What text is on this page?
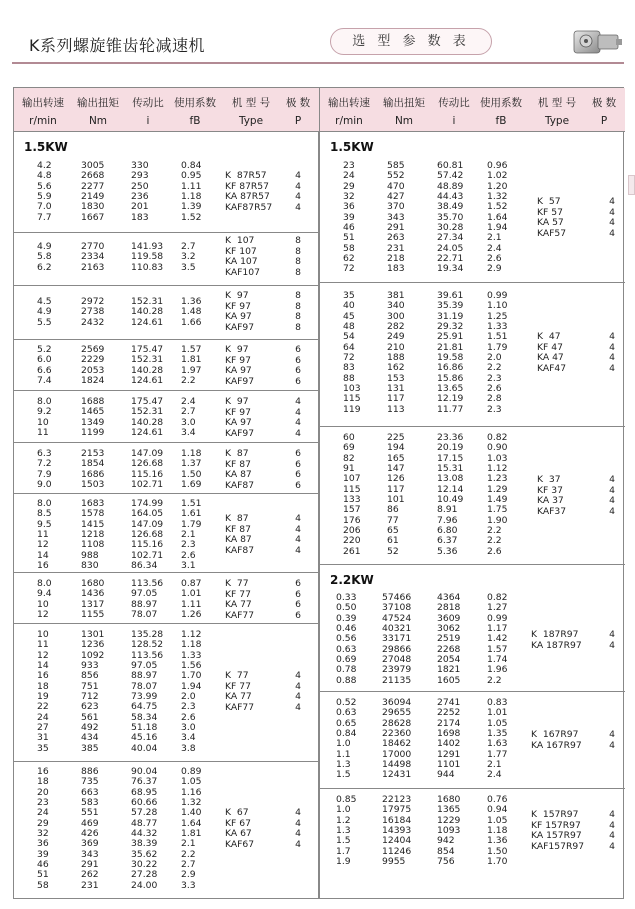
K系列螺旋锥齿轮减速机	选 型 参 数 表
输出转速
r/min
输出扭矩
Nm
传动比
i
使用系数
fB
机 型 号
Type
极 数
P
输出转速
r/min
输出扭矩
Nm
传动比
i
使用系数
fB
机 型 号
Type
极 数
P
1.5KW
4.2
4.8
5.6
5.9
7.0
7.7
3005
2668
2277
2149
1830
1667
330
293
250
236
201
183
0.84
0.95
1.11
1.18
1.39
1.52
K  87R57
KF 87R57
KA 87R57
KAF87R57
4
4
4
4
4.9
5.8
6.2
2770
2334
2163
141.93
119.58
110.83
2.7
3.2
3.5
K  107
KF 107
KA 107
KAF107
8
8
8
8
4.5
4.9
5.5
2972
2738
2432
152.31
140.28
124.61
1.36
1.48
1.66
K  97
KF 97
KA 97
KAF97
8
8
8
8
5.2
6.0
6.6
7.4
2569
2229
2053
1824
175.47
152.31
140.28
124.61
1.57
1.81
1.97
2.2
K  97
KF 97
KA 97
KAF97
6
6
6
6
8.0
9.2
10
11
1688
1465
1349
1199
175.47
152.31
140.28
124.61
2.4
2.7
3.0
3.4
K  97
KF 97
KA 97
KAF97
4
4
4
4
6.3
7.2
7.9
9.0
2153
1854
1686
1503
147.09
126.68
115.16
102.71
1.18
1.37
1.50
1.69
K  87
KF 87
KA 87
KAF87
6
6
6
6
8.0
8.5
9.5
11
12
14
16
1683
1578
1415
1218
1108
988
830
174.99
164.05
147.09
126.68
115.16
102.71
86.34
1.51
1.61
1.79
2.1
2.3
2.6
3.1
K  87
KF 87
KA 87
KAF87
4
4
4
4
8.0
9.4
10
12
1680
1436
1317
1155
113.56
97.05
88.97
78.07
0.87
1.01
1.11
1.26
K  77
KF 77
KA 77
KAF77
6
6
6
6
10
11
12
14
16
18
19
22
24
27
31
35
1301
1236
1092
933
856
751
712
623
561
492
434
385
135.28
128.52
113.56
97.05
88.97
78.07
73.99
64.75
58.34
51.18
45.16
40.04
1.12
1.18
1.33
1.56
1.70
1.94
2.0
2.3
2.6
3.0
3.4
3.8
K  77
KF 77
KA 77
KAF77
4
4
4
4
16
18
20
23
24
29
32
36
39
46
51
58
886
735
663
583
551
469
426
369
343
291
262
231
90.04
76.37
68.95
60.66
57.28
48.77
44.32
38.39
35.62
30.22
27.28
24.00
0.89
1.05
1.16
1.32
1.40
1.64
1.81
2.1
2.2
2.7
2.9
3.3
K  67
KF 67
KA 67
KAF67
4
4
4
4
1.5KW
23
24
29
32
36
39
46
51
58
62
72
585
552
470
427
370
343
291
263
231
218
183
60.81
57.42
48.89
44.43
38.49
35.70
30.28
27.34
24.05
22.71
19.34
0.96
1.02
1.20
1.32
1.52
1.64
1.94
2.1
2.4
2.6
2.9
K  57
KF 57
KA 57
KAF57
4
4
4
4
35
40
45
48
54
64
72
83
88
103
115
119
381
340
300
282
249
210
188
162
153
131
117
113
39.61
35.39
31.19
29.32
25.91
21.81
19.58
16.86
15.86
13.65
12.19
11.77
0.99
1.10
1.25
1.33
1.51
1.79
2.0
2.2
2.3
2.6
2.8
2.3
K  47
KF 47
KA 47
KAF47
4
4
4
4
60
69
82
91
107
115
133
157
176
206
220
261
225
194
165
147
126
117
101
86
77
65
61
52
23.36
20.19
17.15
15.31
13.08
12.14
10.49
8.91
7.96
6.80
6.37
5.36
0.82
0.90
1.03
1.12
1.23
1.29
1.49
1.75
1.90
2.2
2.2
2.6
K  37
KF 37
KA 37
KAF37
4
4
4
4
2.2KW
0.33
0.50
0.39
0.46
0.56
0.63
0.69
0.78
0.88
57466
37108
47524
40321
33171
29866
27048
23979
21135
4364
2818
3609
3062
2519
2268
2054
1821
1605
0.82
1.27
0.99
1.17
1.42
1.57
1.74
1.96
2.2
K  187R97
KA 187R97
4
4
0.52
0.63
0.65
0.84
1.0
1.1
1.3
1.5
36094
29655
28628
22360
18462
17000
14498
12431
2741
2252
2174
1698
1402
1291
1101
944
0.83
1.01
1.05
1.35
1.63
1.77
2.1
2.4
K  167R97
KA 167R97
4
4
0.85
1.0
1.2
1.3
1.5
1.7
1.9
22123
17975
16184
14393
12404
11246
9955
1680
1365
1229
1093
942
854
756
0.76
0.94
1.05
1.18
1.36
1.50
1.70
K  157R97
KF 157R97
KA 157R97
KAF157R97
4
4
4
4
